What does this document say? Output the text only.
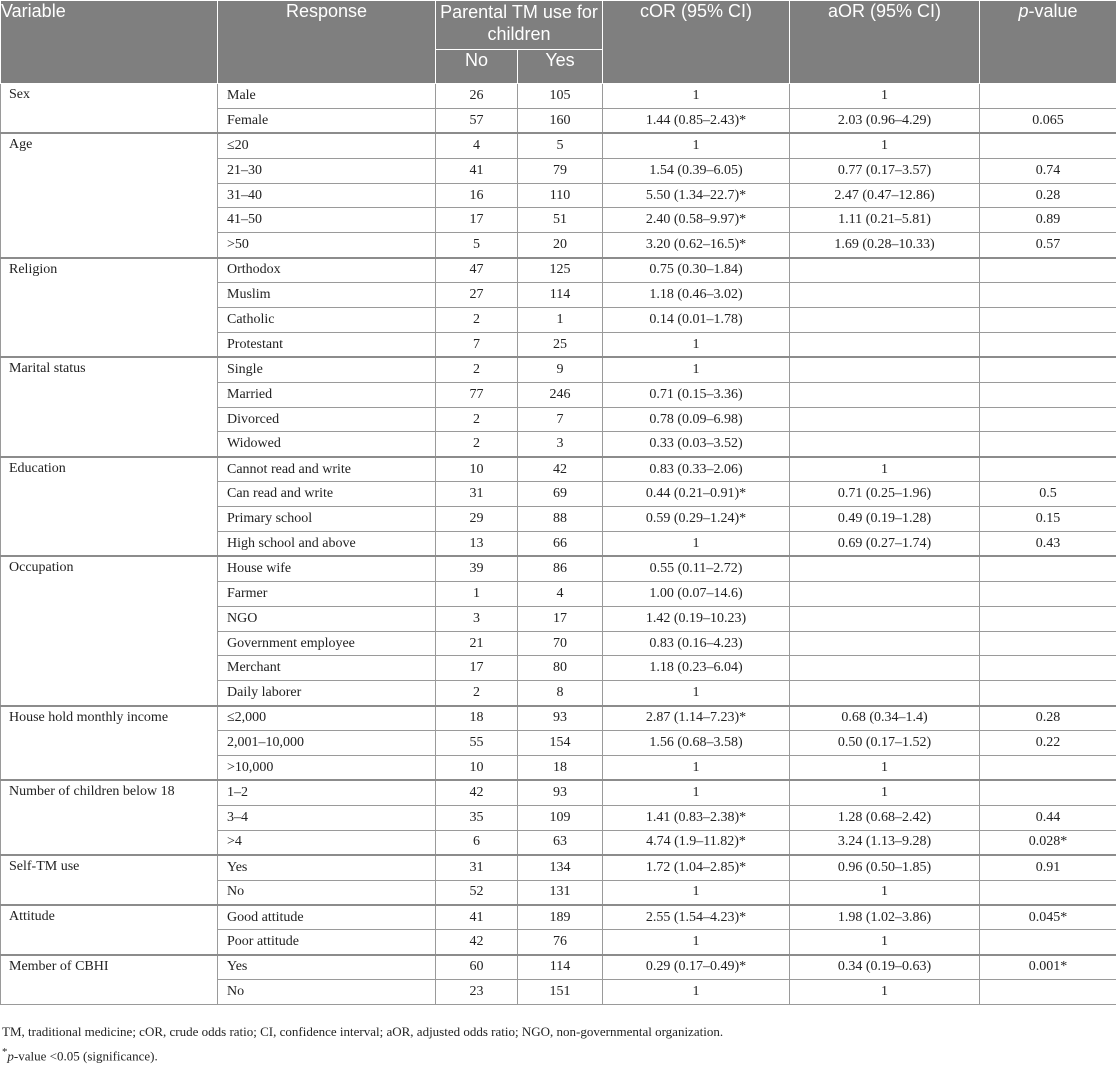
Variable	Response	Parental TM use for children		cOR (95% CI)	aOR (95% CI)	p-value
		No	Yes			
Sex	Male	26	105	1	1	
	Female	57	160	1.44 (0.85–2.43)*	2.03 (0.96–4.29)	0.065
Age	≤20	4	5	1	1	
	21–30	41	79	1.54 (0.39–6.05)	0.77 (0.17–3.57)	0.74
	31–40	16	110	5.50 (1.34–22.7)*	2.47 (0.47–12.86)	0.28
	41–50	17	51	2.40 (0.58–9.97)*	1.11 (0.21–5.81)	0.89
	>50	5	20	3.20 (0.62–16.5)*	1.69 (0.28–10.33)	0.57
Religion	Orthodox	47	125	0.75 (0.30–1.84)		
	Muslim	27	114	1.18 (0.46–3.02)		
	Catholic	2	1	0.14 (0.01–1.78)		
	Protestant	7	25	1		
Marital status	Single	2	9	1		
	Married	77	246	0.71 (0.15–3.36)		
	Divorced	2	7	0.78 (0.09–6.98)		
	Widowed	2	3	0.33 (0.03–3.52)		
Education	Cannot read and write	10	42	0.83 (0.33–2.06)	1	
	Can read and write	31	69	0.44 (0.21–0.91)*	0.71 (0.25–1.96)	0.5
	Primary school	29	88	0.59 (0.29–1.24)*	0.49 (0.19–1.28)	0.15
	High school and above	13	66	1	0.69 (0.27–1.74)	0.43
Occupation	House wife	39	86	0.55 (0.11–2.72)		
	Farmer	1	4	1.00 (0.07–14.6)		
	NGO	3	17	1.42 (0.19–10.23)		
	Government employee	21	70	0.83 (0.16–4.23)		
	Merchant	17	80	1.18 (0.23–6.04)		
	Daily laborer	2	8	1		
House hold monthly income	≤2,000	18	93	2.87 (1.14–7.23)*	0.68 (0.34–1.4)	0.28
	2,001–10,000	55	154	1.56 (0.68–3.58)	0.50 (0.17–1.52)	0.22
	>10,000	10	18	1	1	
Number of children below 18	1–2	42	93	1	1	
	3–4	35	109	1.41 (0.83–2.38)*	1.28 (0.68–2.42)	0.44
	>4	6	63	4.74 (1.9–11.82)*	3.24 (1.13–9.28)	0.028*
Self-TM use	Yes	31	134	1.72 (1.04–2.85)*	0.96 (0.50–1.85)	0.91
	No	52	131	1	1	
Attitude	Good attitude	41	189	2.55 (1.54–4.23)*	1.98 (1.02–3.86)	0.045*
	Poor attitude	42	76	1	1	
Member of CBHI	Yes	60	114	0.29 (0.17–0.49)*	0.34 (0.19–0.63)	0.001*
	No	23	151	1	1	

TM, traditional medicine; cOR, crude odds ratio; CI, confidence interval; aOR, adjusted odds ratio; NGO, non-governmental organization.

*p-value <0.05 (significance).
